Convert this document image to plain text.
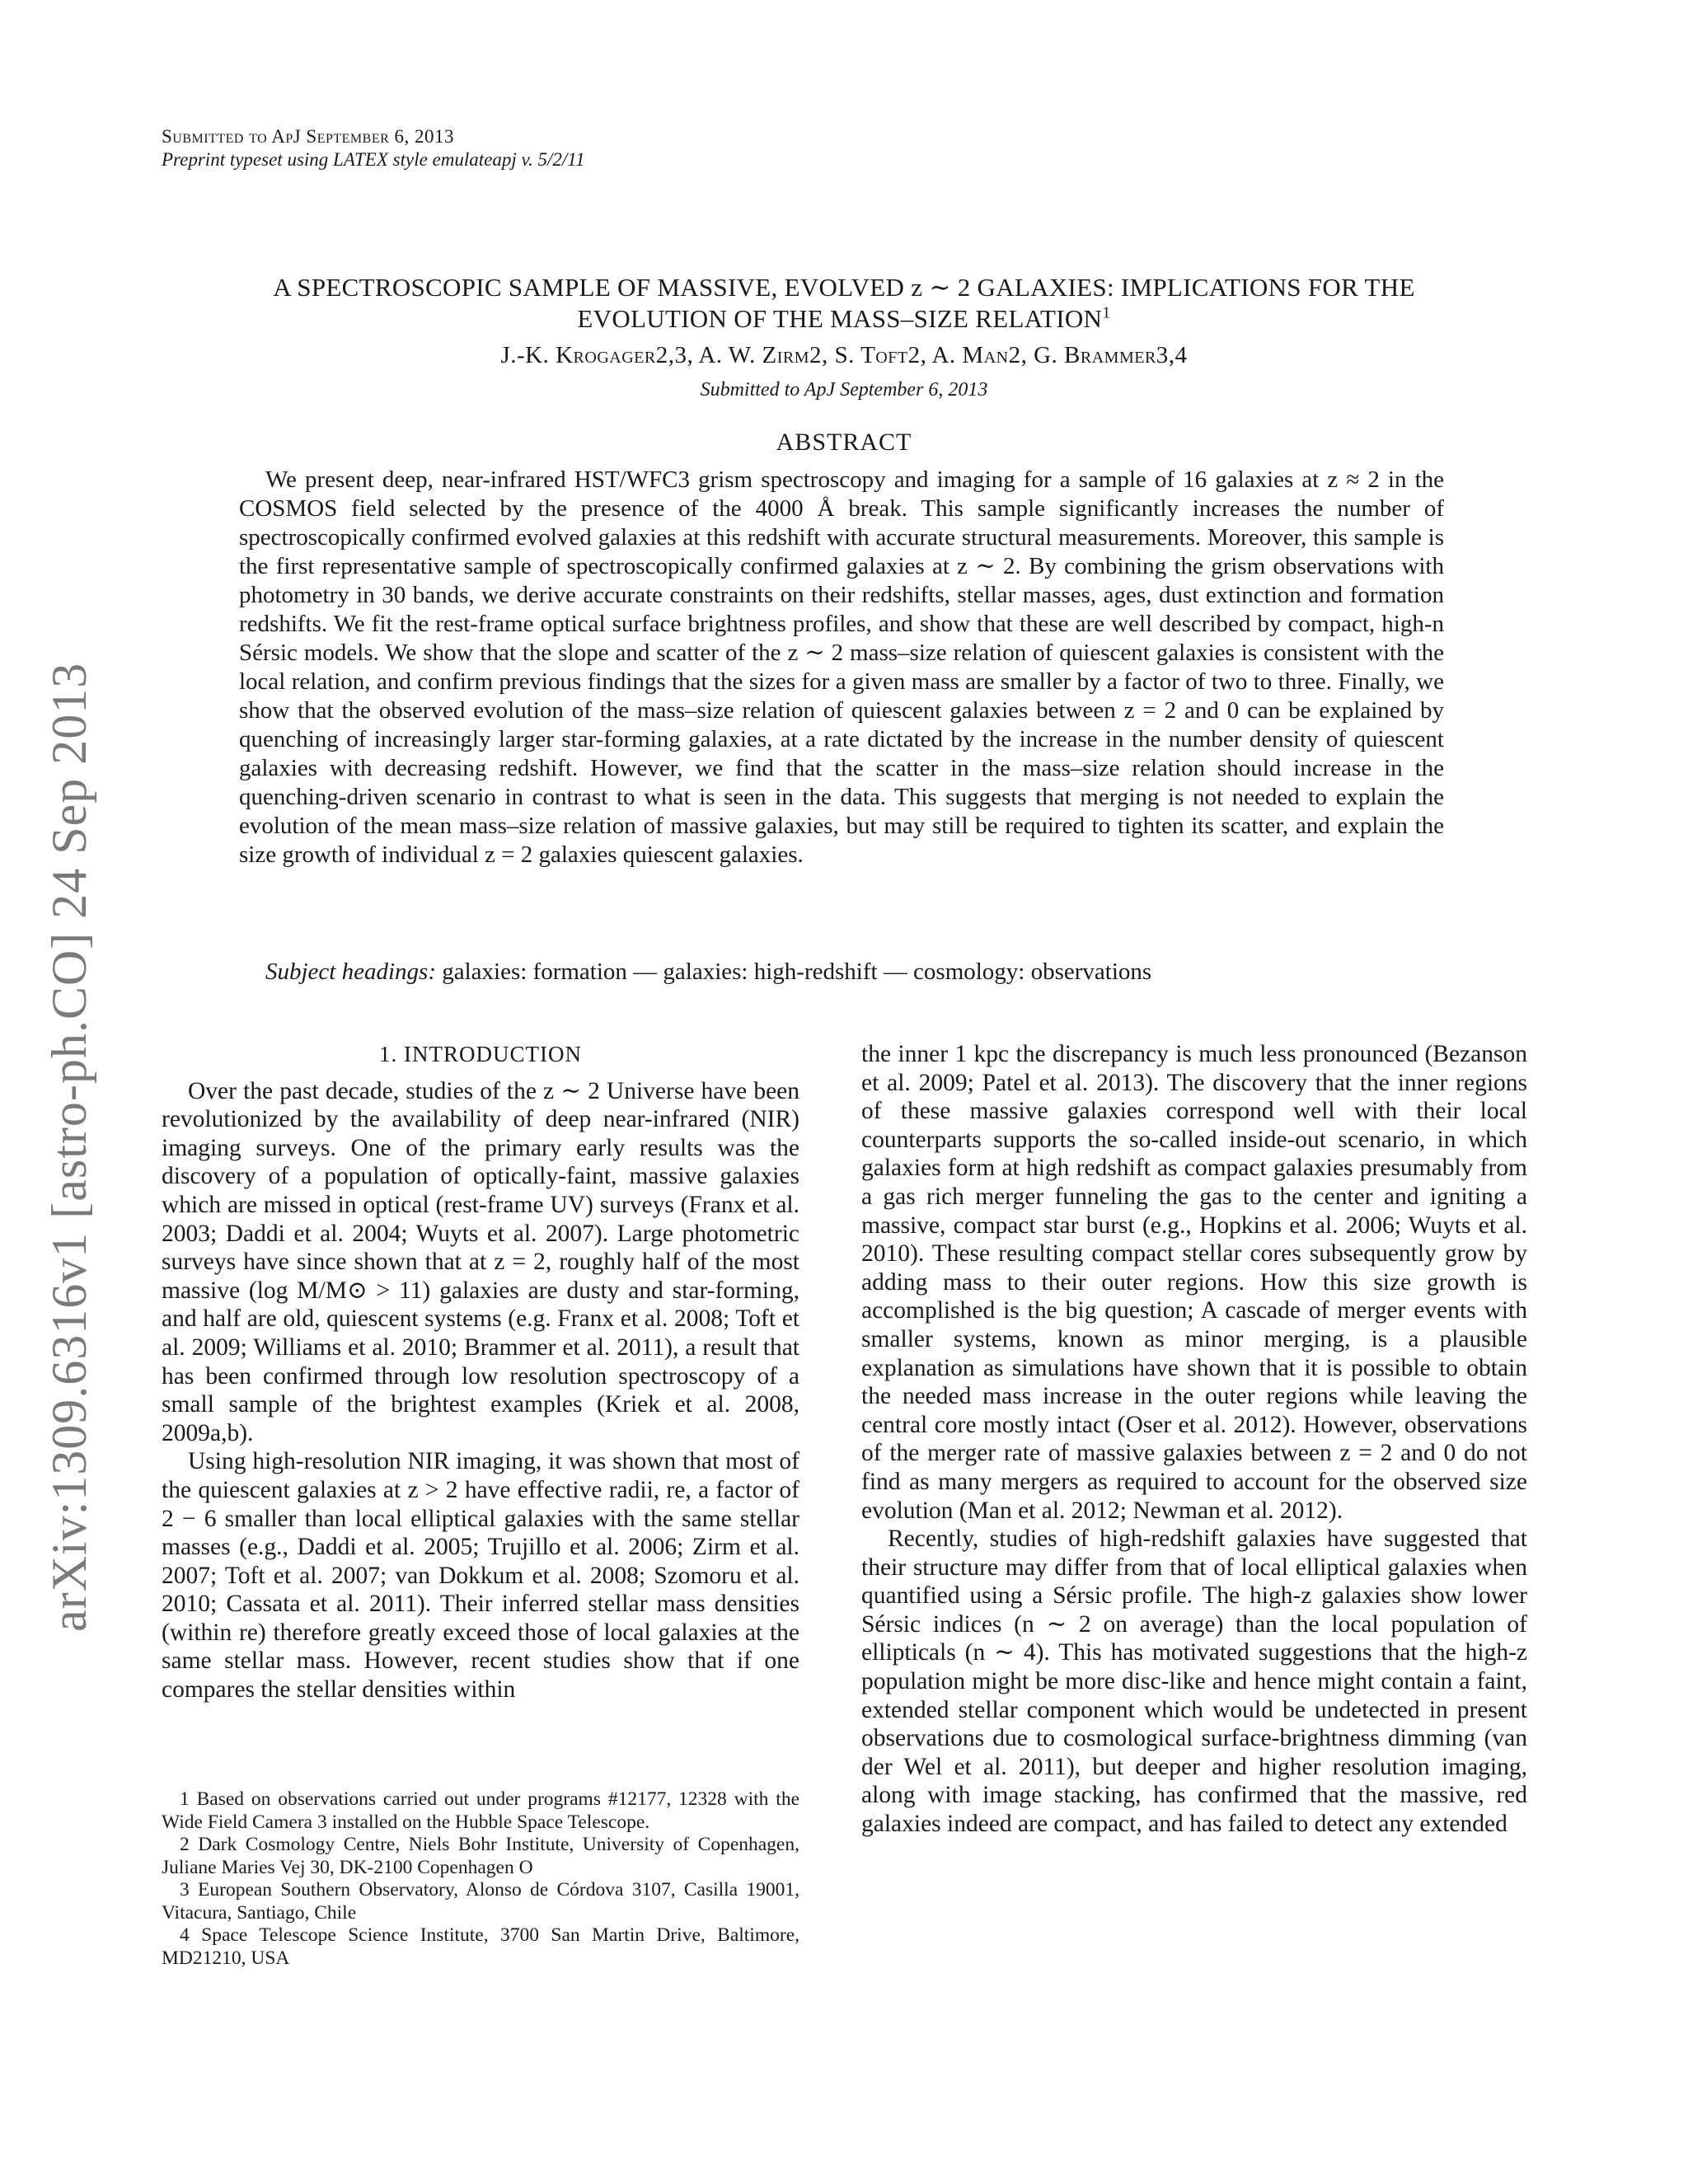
arXiv:1309.6316v1 [astro-ph.CO] 24 Sep 2013
Submitted to ApJ September 6, 2013
Preprint typeset using LATEX style emulateapj v. 5/2/11
A SPECTROSCOPIC SAMPLE OF MASSIVE, EVOLVED z ∼ 2 GALAXIES: IMPLICATIONS FOR THE
EVOLUTION OF THE MASS–SIZE RELATION$^1$
J.-K. Krogager2,3, A. W. Zirm2, S. Toft2, A. Man2, G. Brammer3,4
Submitted to ApJ September 6, 2013
ABSTRACT
We present deep, near-infrared HST/WFC3 grism spectroscopy and imaging for a sample of 16 galaxies at z ≈ 2 in the COSMOS field selected by the presence of the 4000 Å break. This sample significantly increases the number of spectroscopically confirmed evolved galaxies at this redshift with accurate structural measurements. Moreover, this sample is the first representative sample of spectroscopically confirmed galaxies at z ∼ 2. By combining the grism observations with photometry in 30 bands, we derive accurate constraints on their redshifts, stellar masses, ages, dust extinction and formation redshifts. We fit the rest-frame optical surface brightness profiles, and show that these are well described by compact, high-n Sérsic models. We show that the slope and scatter of the z ∼ 2 mass–size relation of quiescent galaxies is consistent with the local relation, and confirm previous findings that the sizes for a given mass are smaller by a factor of two to three. Finally, we show that the observed evolution of the mass–size relation of quiescent galaxies between z = 2 and 0 can be explained by quenching of increasingly larger star-forming galaxies, at a rate dictated by the increase in the number density of quiescent galaxies with decreasing redshift. However, we find that the scatter in the mass–size relation should increase in the quenching-driven scenario in contrast to what is seen in the data. This suggests that merging is not needed to explain the evolution of the mean mass–size relation of massive galaxies, but may still be required to tighten its scatter, and explain the size growth of individual z = 2 galaxies quiescent galaxies.
Subject headings: galaxies: formation — galaxies: high-redshift — cosmology: observations
1. INTRODUCTION

Over the past decade, studies of the z ∼ 2 Universe have been revolutionized by the availability of deep near-infrared (NIR) imaging surveys. One of the primary early results was the discovery of a population of optically-faint, massive galaxies which are missed in optical (rest-frame UV) surveys (Franx et al. 2003; Daddi et al. 2004; Wuyts et al. 2007). Large photometric surveys have since shown that at z = 2, roughly half of the most massive (log M/M⊙ > 11) galaxies are dusty and star-forming, and half are old, quiescent systems (e.g. Franx et al. 2008; Toft et al. 2009; Williams et al. 2010; Brammer et al. 2011), a result that has been confirmed through low resolution spectroscopy of a small sample of the brightest examples (Kriek et al. 2008, 2009a,b).

Using high-resolution NIR imaging, it was shown that most of the quiescent galaxies at z > 2 have effective radii, re, a factor of 2 − 6 smaller than local elliptical galaxies with the same stellar masses (e.g., Daddi et al. 2005; Trujillo et al. 2006; Zirm et al. 2007; Toft et al. 2007; van Dokkum et al. 2008; Szomoru et al. 2010; Cassata et al. 2011). Their inferred stellar mass densities (within re) therefore greatly exceed those of local galaxies at the same stellar mass. However, recent studies show that if one compares the stellar densities within

1 Based on observations carried out under programs #12177, 12328 with the Wide Field Camera 3 installed on the Hubble Space Telescope.

2 Dark Cosmology Centre, Niels Bohr Institute, University of Copenhagen, Juliane Maries Vej 30, DK-2100 Copenhagen O

3 European Southern Observatory, Alonso de Córdova 3107, Casilla 19001, Vitacura, Santiago, Chile

4 Space Telescope Science Institute, 3700 San Martin Drive, Baltimore, MD21210, USA

the inner 1 kpc the discrepancy is much less pronounced (Bezanson et al. 2009; Patel et al. 2013). The discovery that the inner regions of these massive galaxies correspond well with their local counterparts supports the so-called inside-out scenario, in which galaxies form at high redshift as compact galaxies presumably from a gas rich merger funneling the gas to the center and igniting a massive, compact star burst (e.g., Hopkins et al. 2006; Wuyts et al. 2010). These resulting compact stellar cores subsequently grow by adding mass to their outer regions. How this size growth is accomplished is the big question; A cascade of merger events with smaller systems, known as minor merging, is a plausible explanation as simulations have shown that it is possible to obtain the needed mass increase in the outer regions while leaving the central core mostly intact (Oser et al. 2012). However, observations of the merger rate of massive galaxies between z = 2 and 0 do not find as many mergers as required to account for the observed size evolution (Man et al. 2012; Newman et al. 2012).

Recently, studies of high-redshift galaxies have suggested that their structure may differ from that of local elliptical galaxies when quantified using a Sérsic profile. The high-z galaxies show lower Sérsic indices (n ∼ 2 on average) than the local population of ellipticals (n ∼ 4). This has motivated suggestions that the high-z population might be more disc-like and hence might contain a faint, extended stellar component which would be undetected in present observations due to cosmological surface-brightness dimming (van der Wel et al. 2011), but deeper and higher resolution imaging, along with image stacking, has confirmed that the massive, red galaxies indeed are compact, and has failed to detect any extended
